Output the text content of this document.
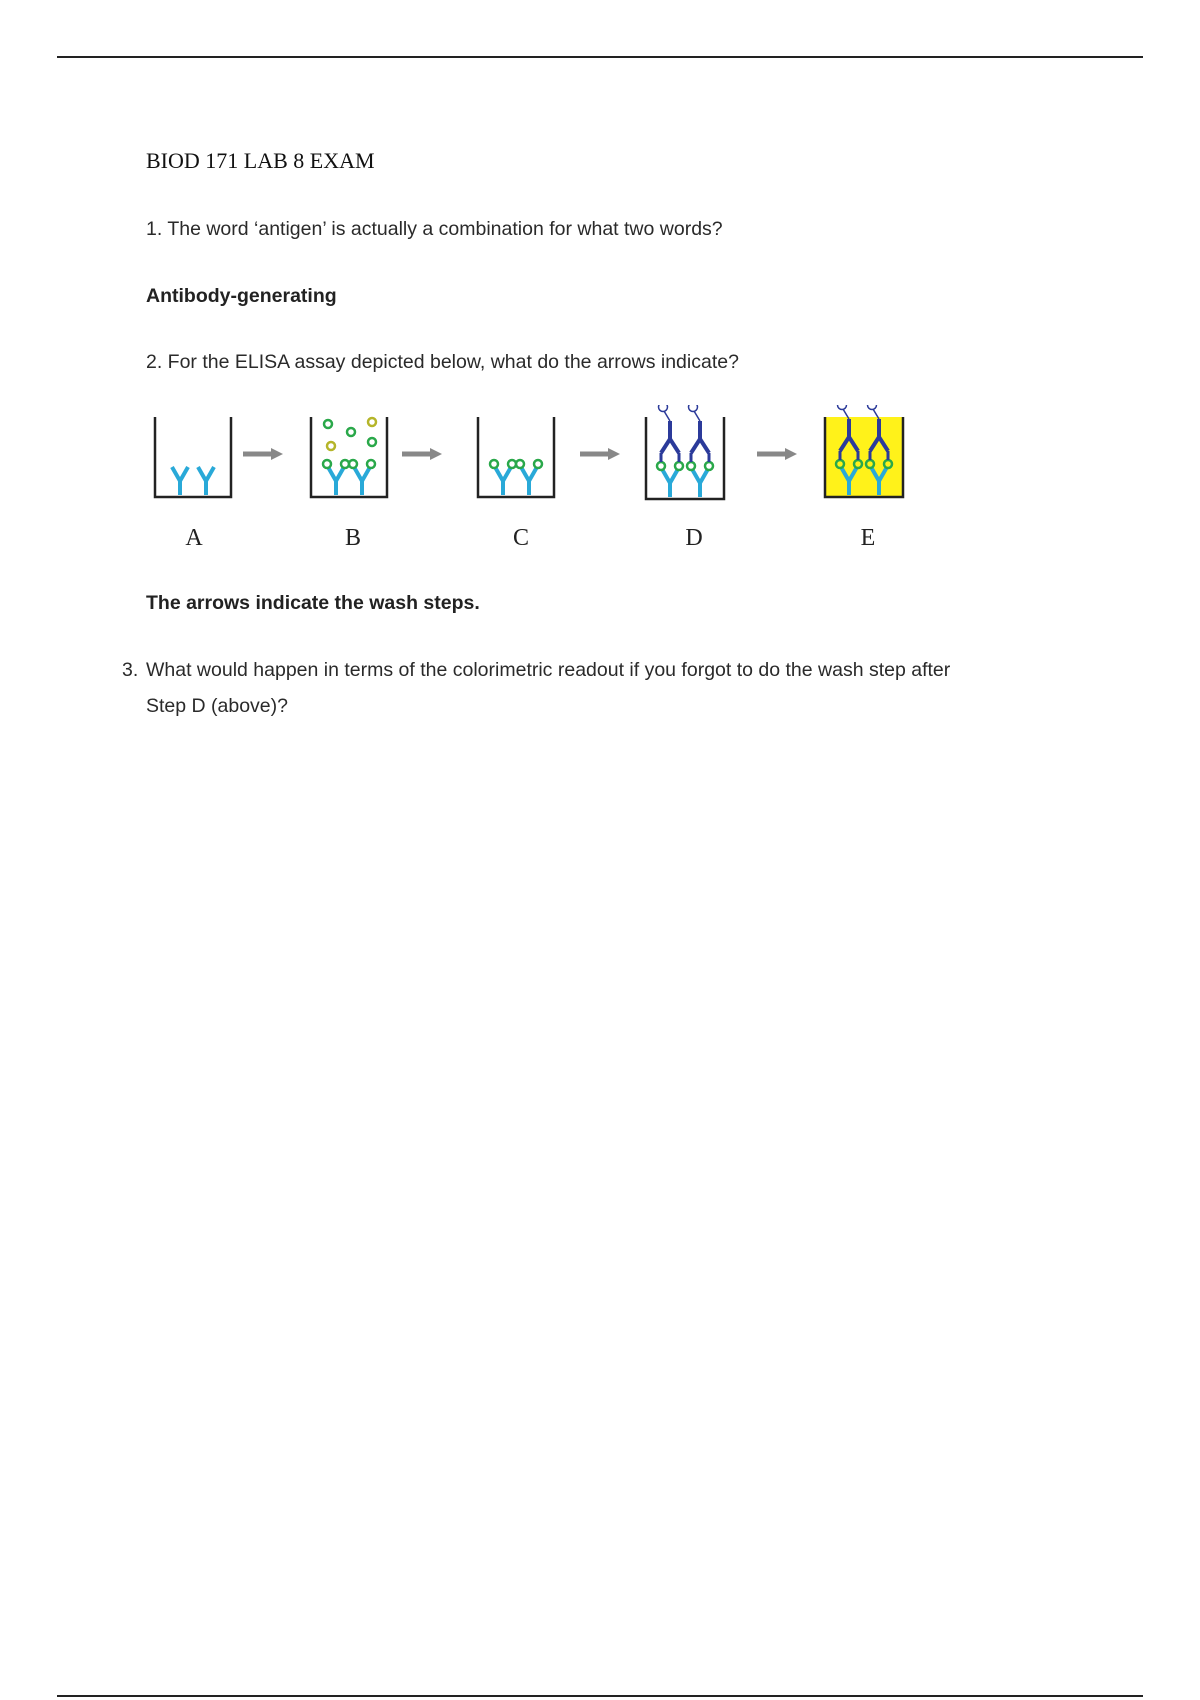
BIOD 171 LAB 8 EXAM
1. The word ‘antigen’ is actually a combination for what two words?
Antibody-generating
2. For the ELISA assay depicted below, what do the arrows indicate?
A	B	C	D	E
The arrows indicate the wash steps.
3. What would happen in terms of the colorimetric readout if you forgot to do the wash step after
Step D (above)?
